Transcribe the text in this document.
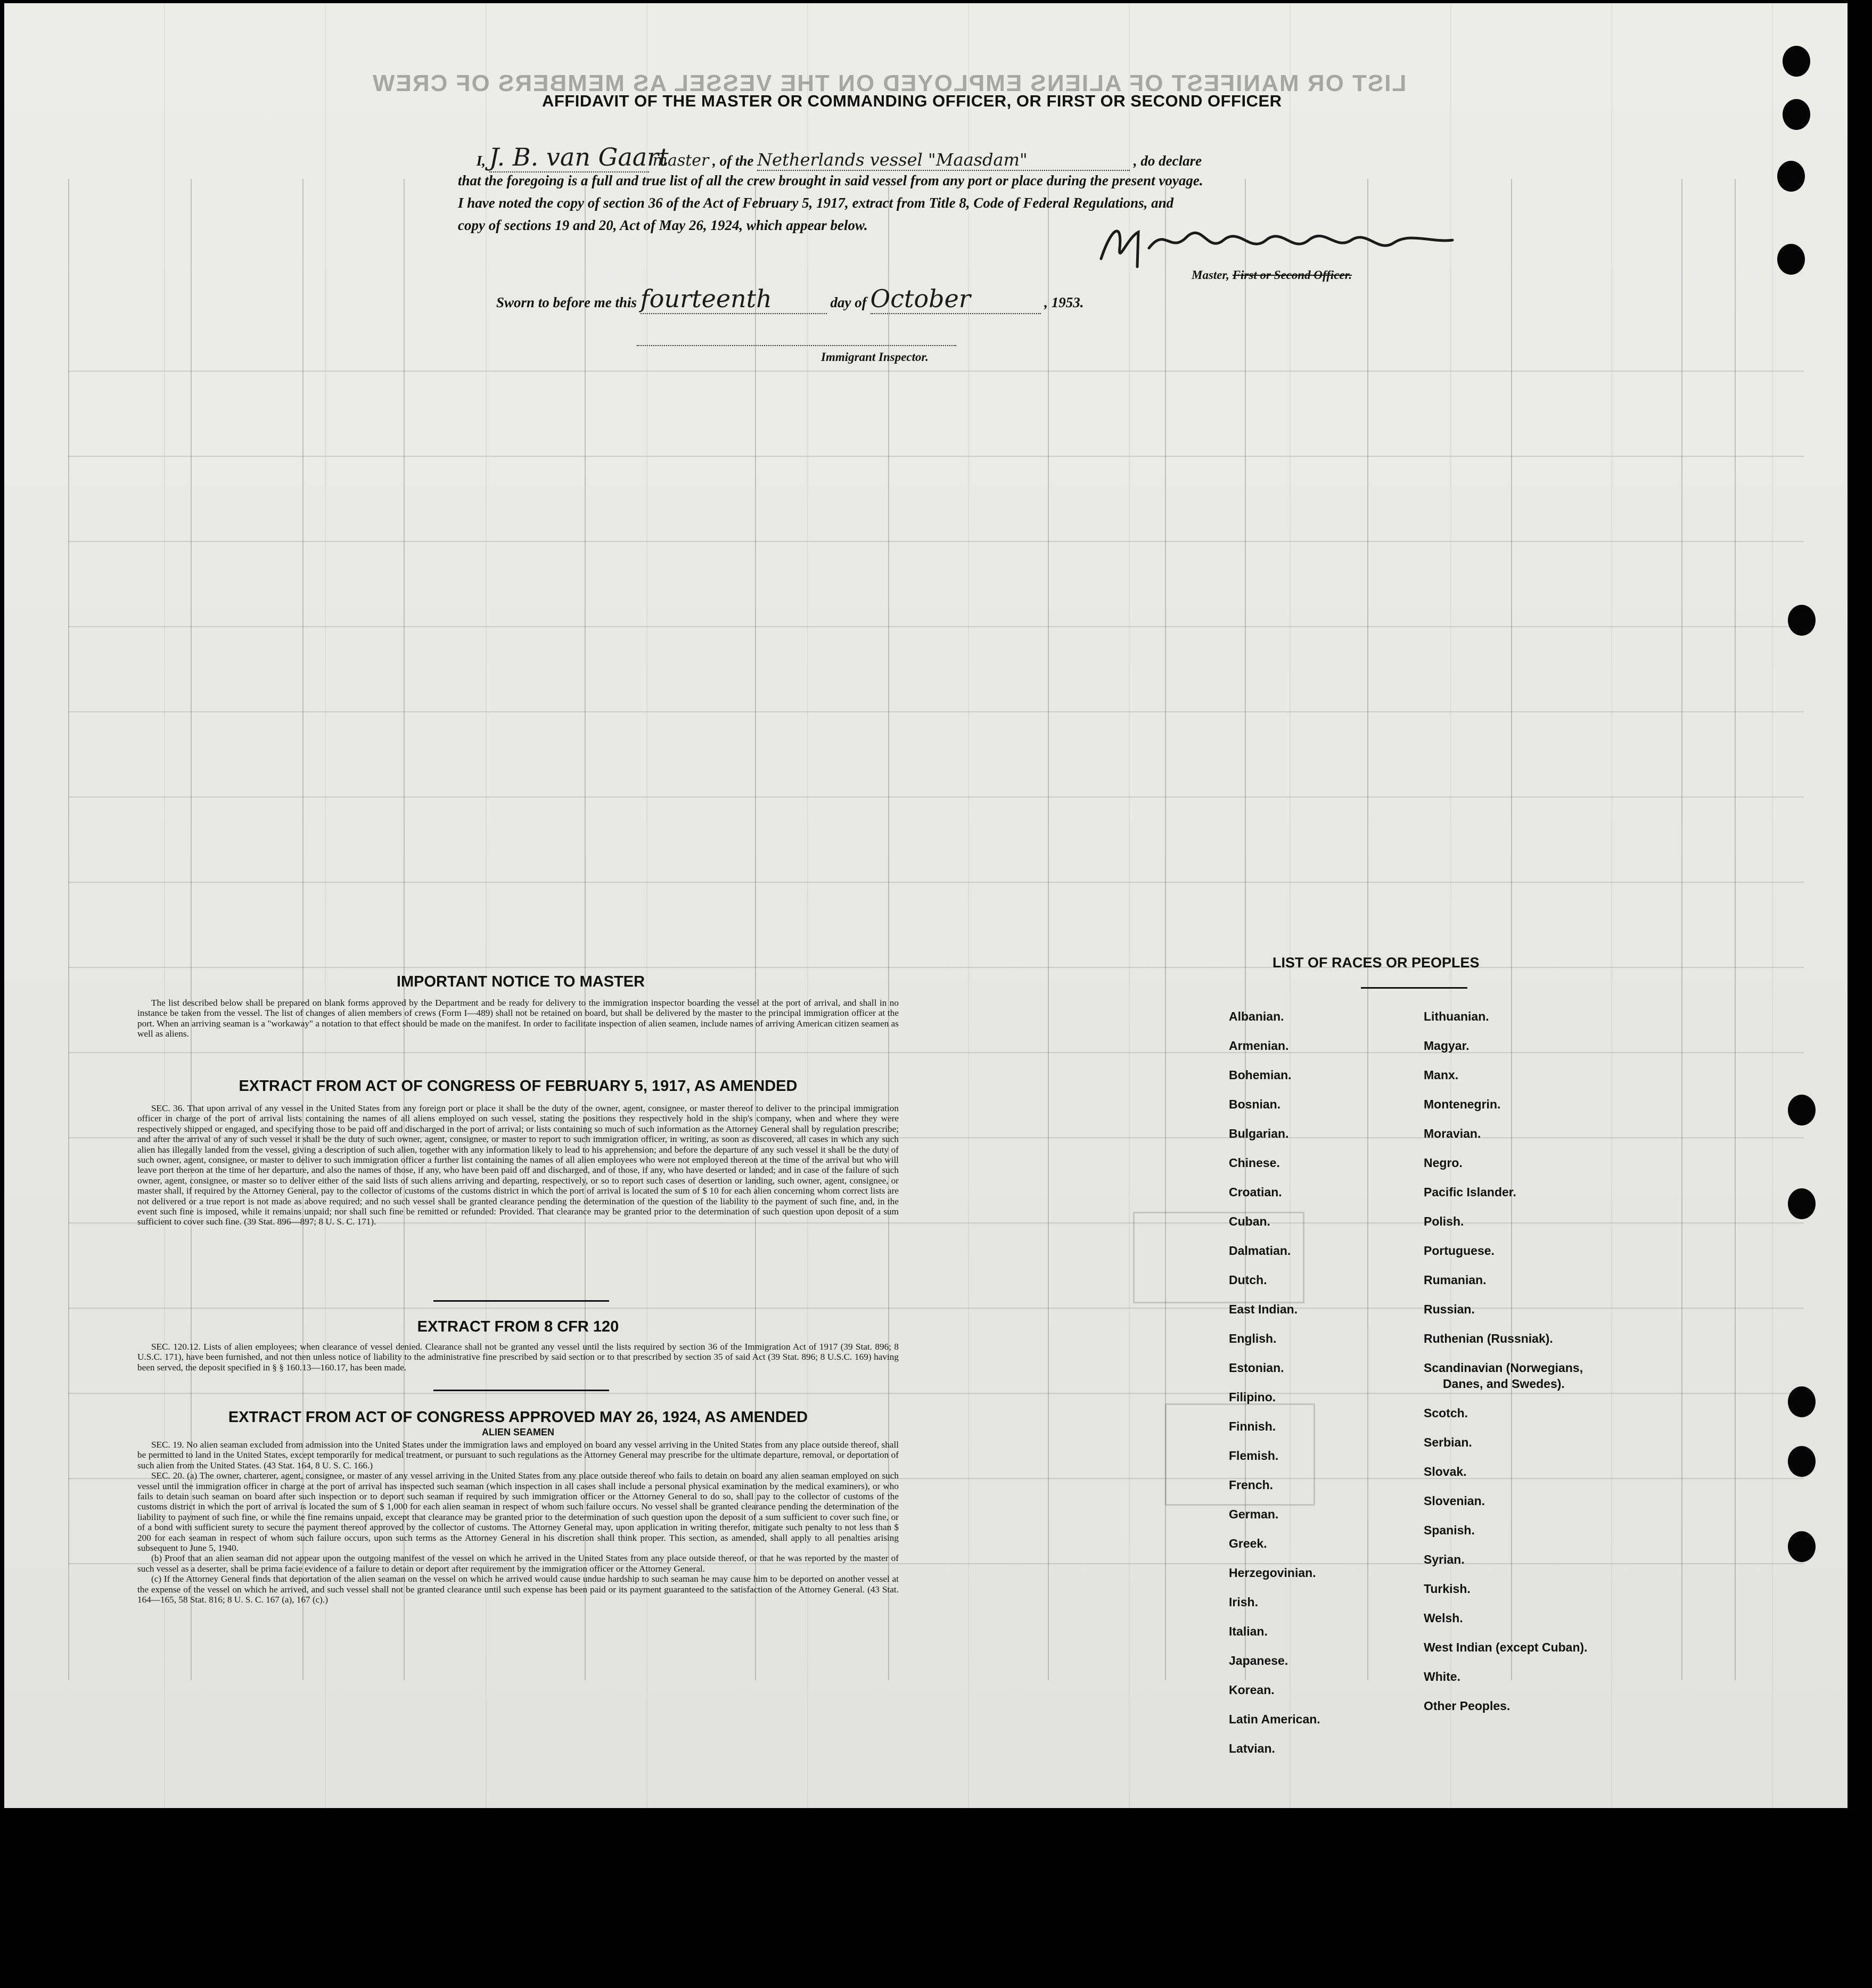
LIST OR MANIFEST OF ALIENS EMPLOYED ON THE VESSEL AS MEMBERS OF CREW
AFFIDAVIT OF THE MASTER OR COMMANDING OFFICER, OR FIRST OR SECOND OFFICER
I, J. B. van Gaart master , of the Netherlands vessel "Maasdam"	, do declare
that the foregoing is a full and true list of all the crew brought in said vessel from any port or place during the present voyage.
I have noted the copy of section 36 of the Act of February 5, 1917, extract from Title 8, Code of Federal Regulations, and
copy of sections 19 and 20, Act of May 26, 1924, which appear below.
Master, First or Second Officer.
Sworn to before me this fourteenth	day of October	, 1953.
Immigrant Inspector.
IMPORTANT NOTICE TO MASTER

The list described below shall be prepared on blank forms approved by the Department and be ready for delivery to the immigration inspector boarding the vessel at the port of arrival, and shall in no instance be taken from the vessel. The list of changes of alien members of crews (Form I—489) shall not be retained on board, but shall be delivered by the master to the principal immigration officer at the port. When an arriving seaman is a "workaway" a notation to that effect should be made on the manifest. In order to facilitate inspection of alien seamen, include names of arriving American citizen seamen as well as aliens.

EXTRACT FROM ACT OF CONGRESS OF FEBRUARY 5, 1917, AS AMENDED

SEC. 36. That upon arrival of any vessel in the United States from any foreign port or place it shall be the duty of the owner, agent, consignee, or master thereof to deliver to the principal immigration officer in charge of the port of arrival lists containing the names of all aliens employed on such vessel, stating the positions they respectively hold in the ship's company, when and where they were respectively shipped or engaged, and specifying those to be paid off and discharged in the port of arrival; or lists containing so much of such information as the Attorney General shall by regulation prescribe; and after the arrival of any of such vessel it shall be the duty of such owner, agent, consignee, or master to report to such immigration officer, in writing, as soon as discovered, all cases in which any such alien has illegally landed from the vessel, giving a description of such alien, together with any information likely to lead to his apprehension; and before the departure of any such vessel it shall be the duty of such owner, agent, consignee, or master to deliver to such immigration officer a further list containing the names of all alien employees who were not employed thereon at the time of the arrival but who will leave port thereon at the time of her departure, and also the names of those, if any, who have been paid off and discharged, and of those, if any, who have deserted or landed; and in case of the failure of such owner, agent, consignee, or master so to deliver either of the said lists of such aliens arriving and departing, respectively, or so to report such cases of desertion or landing, such owner, agent, consignee, or master shall, if required by the Attorney General, pay to the collector of customs of the customs district in which the port of arrival is located the sum of $ 10 for each alien concerning whom correct lists are not delivered or a true report is not made as above required; and no such vessel shall be granted clearance pending the determination of the question of the liability to the payment of such fine, and, in the event such fine is imposed, while it remains unpaid; nor shall such fine be remitted or refunded: Provided. That clearance may be granted prior to the determination of such question upon deposit of a sum sufficient to cover such fine. (39 Stat. 896—897; 8 U. S. C. 171).

EXTRACT FROM 8 CFR 120

SEC. 120.12. Lists of alien employees; when clearance of vessel denied. Clearance shall not be granted any vessel until the lists required by section 36 of the Immigration Act of 1917 (39 Stat. 896; 8 U.S.C. 171), have been furnished, and not then unless notice of liability to the administrative fine prescribed by said section or to that prescribed by section 35 of said Act (39 Stat. 896; 8 U.S.C. 169) having been served, the deposit specified in § § 160.13—160.17, has been made.

EXTRACT FROM ACT OF CONGRESS APPROVED MAY 26, 1924, AS AMENDED
ALIEN SEAMEN

SEC. 19. No alien seaman excluded from admission into the United States under the immigration laws and employed on board any vessel arriving in the United States from any place outside thereof, shall be permitted to land in the United States, except temporarily for medical treatment, or pursuant to such regulations as the Attorney General may prescribe for the ultimate departure, removal, or deportation of such alien from the United States. (43 Stat. 164, 8 U. S. C. 166.)

SEC. 20. (a) The owner, charterer, agent, consignee, or master of any vessel arriving in the United States from any place outside thereof who fails to detain on board any alien seaman employed on such vessel until the immigration officer in charge at the port of arrival has inspected such seaman (which inspection in all cases shall include a personal physical examination by the medical examiners), or who fails to detain such seaman on board after such inspection or to deport such seaman if required by such immigration officer or the Attorney General to do so, shall pay to the collector of customs of the customs district in which the port of arrival is located the sum of $ 1,000 for each alien seaman in respect of whom such failure occurs. No vessel shall be granted clearance pending the determination of the liability to payment of such fine, or while the fine remains unpaid, except that clearance may be granted prior to the determination of such question upon the deposit of a sum sufficient to cover such fine, or of a bond with sufficient surety to secure the payment thereof approved by the collector of customs. The Attorney General may, upon application in writing therefor, mitigate such penalty to not less than $ 200 for each seaman in respect of whom such failure occurs, upon such terms as the Attorney General in his discretion shall think proper. This section, as amended, shall apply to all penalties arising subsequent to June 5, 1940.

(b) Proof that an alien seaman did not appear upon the outgoing manifest of the vessel on which he arrived in the United States from any place outside thereof, or that he was reported by the master of such vessel as a deserter, shall be prima facie evidence of a failure to detain or deport after requirement by the immigration officer or the Attorney General.

(c) If the Attorney General finds that deportation of the alien seaman on the vessel on which he arrived would cause undue hardship to such seaman he may cause him to be deported on another vessel at the expense of the vessel on which he arrived, and such vessel shall not be granted clearance until such expense has been paid or its payment guaranteed to the satisfaction of the Attorney General. (43 Stat. 164—165, 58 Stat. 816; 8 U. S. C. 167 (a), 167 (c).)

LIST OF RACES OR PEOPLES
Albanian.
Armenian.
Bohemian.
Bosnian.
Bulgarian.
Chinese.
Croatian.
Cuban.
Dalmatian.
Dutch.
East Indian.
English.
Estonian.
Filipino.
Finnish.
Flemish.
French.
German.
Greek.
Herzegovinian.
Irish.
Italian.
Japanese.
Korean.
Latin American.
Latvian.
Lithuanian.
Magyar.
Manx.
Montenegrin.
Moravian.
Negro.
Pacific Islander.
Polish.
Portuguese.
Rumanian.
Russian.
Ruthenian (Russniak).
Scandinavian (Norwegians,
Danes, and Swedes).
Scotch.
Serbian.
Slovak.
Slovenian.
Spanish.
Syrian.
Turkish.
Welsh.
West Indian (except Cuban).
White.
Other Peoples.
